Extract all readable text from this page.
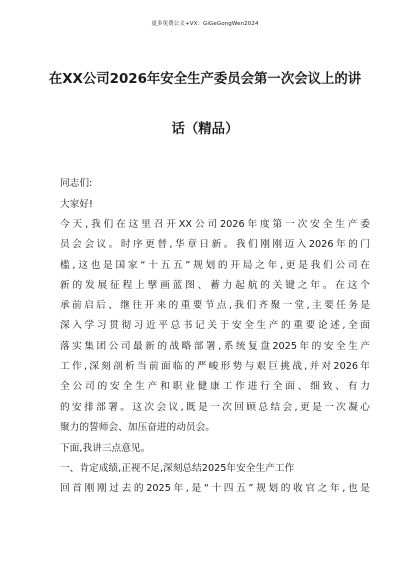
更多免费公文+VX：GiGeGongWen2024
在XX公司2026年安全生产委员会第一次会议上的讲
话（精品）
同志们:
大家好!
今天,我们在这里召开XX公司2026年度第一次安全生产委
员会会议。时序更替,华章日新。我们刚刚迈入2026年的门
槛,这也是国家“十五五”规划的开局之年,更是我们公司在
新的发展征程上擘画蓝图、蓄力起航的关键之年。在这个
承前启后、继往开来的重要节点,我们齐聚一堂,主要任务是
深入学习贯彻习近平总书记关于安全生产的重要论述,全面
落实集团公司最新的战略部署,系统复盘2025年的安全生产
工作,深刻剖析当前面临的严峻形势与艰巨挑战,并对2026年
全公司的安全生产和职业健康工作进行全面、细致、有力
的安排部署。这次会议,既是一次回顾总结会,更是一次凝心
聚力的誓师会、加压奋进的动员会。
下面,我讲三点意见。
一、肯定成绩,正视不足,深刻总结2025年安全生产工作
回首刚刚过去的2025年,是“十四五”规划的收官之年,也是
